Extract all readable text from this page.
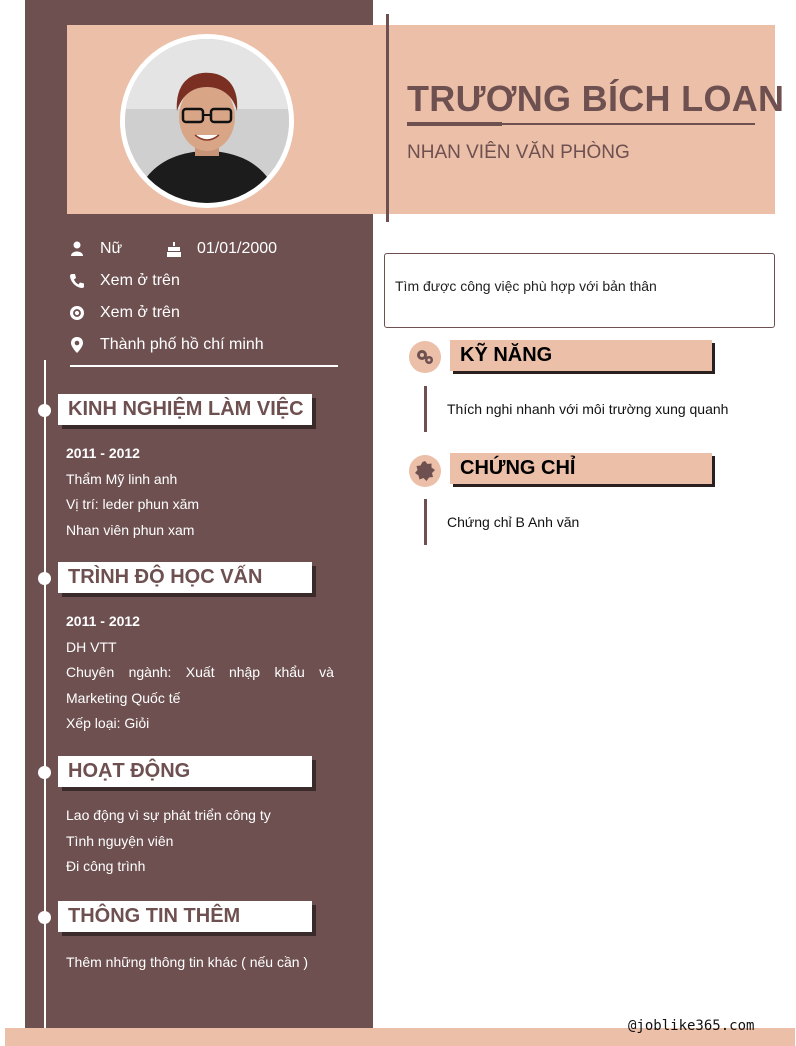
TRƯƠNG BÍCH LOAN
NHAN VIÊN VĂN PHÒNG
Nữ	01/01/2000
Xem ở trên
Xem ở trên
Thành phố hồ chí minh
KINH NGHIỆM LÀM VIỆC
2011 - 2012
Thẩm Mỹ linh anh
Vị trí: leder phun xăm
Nhan viên phun xam
TRÌNH ĐỘ HỌC VẤN
2011 - 2012
DH VTT
Chuyên ngành: Xuất nhập khẩu và
Marketing Quốc tế
Xếp loại: Giỏi
HOẠT ĐỘNG
Lao động vì sự phát triển công ty
Tình nguyện viên
Đi công trình
THÔNG TIN THÊM
Thêm những thông tin khác ( nếu cần )
Tìm được công việc phù hợp với bản thân
KỸ NĂNG
Thích nghi nhanh với môi trường xung quanh
CHỨNG CHỈ
Chứng chỉ B Anh văn
@joblike365.com
